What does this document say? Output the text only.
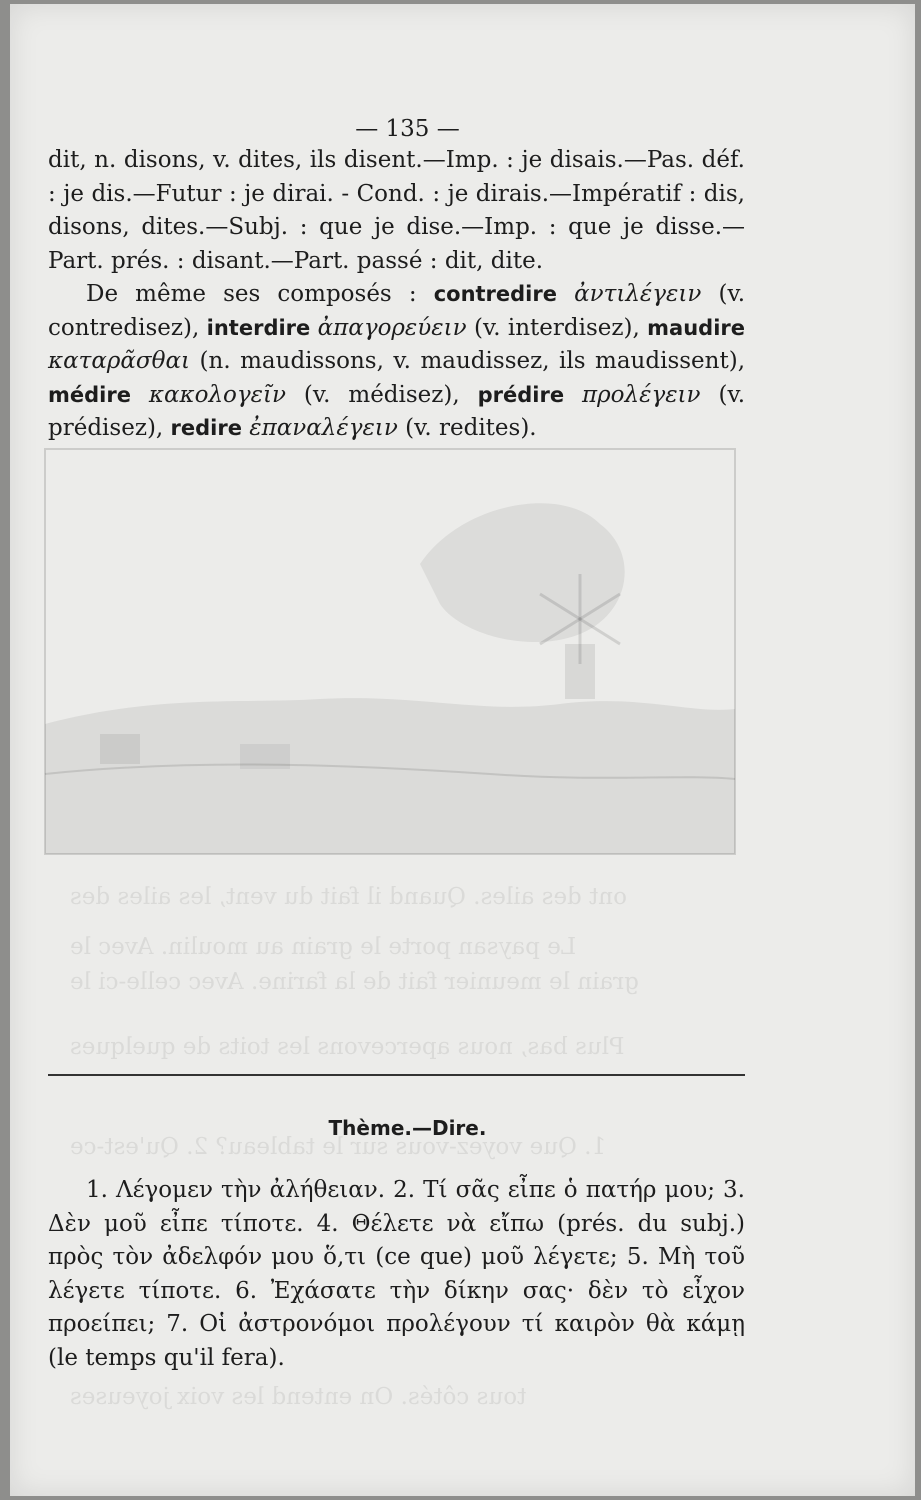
ont des ailes. Quand il fait du vent, les ailes des
Le paysan porte le grain au moulin. Avec le
grain le meunier fait de la farine. Avec celle-ci le
Plus bas, nous apercevons les toits de quelques
1. Que voyez-vous sur le tableau? 2. Qu'est-ce
tous côtés. On entend les voix joyeuses
— 135 —

dit, n. disons, v. dites, ils disent.—Imp. : je disais.—Pas. déf. : je dis.—Futur : je dirai. - Cond. : je dirais.—Impératif : dis, disons, dites.—Subj. : que je dise.—Imp. : que je disse.—Part. prés. : disant.—Part. passé : dit, dite.

De même ses composés : contredire ἀντιλέγειν (v. contredisez), interdire ἀπαγορεύειν (v. interdisez), maudire καταρᾶσθαι (n. maudissons, v. maudissez, ils maudissent), médire κακολογεῖν (v. médisez), prédire προλέγειν (v. prédisez), redire ἐπαναλέγειν (v. redites).

Thème.—Dire.

1. Λέγομεν τὴν ἀλήθειαν. 2. Τί σᾶς εἶπε ὁ πατήρ μου; 3. Δὲν μοῦ εἶπε τίποτε. 4. Θέλετε νὰ εἴπω (prés. du subj.) πρὸς τὸν ἀδελφόν μου ὅ,τι (ce que) μοῦ λέγετε; 5. Μὴ τοῦ λέγετε τίποτε. 6. Ἐχάσατε τὴν δίκην σας· δὲν τὸ εἶχον προείπει; 7. Οἱ ἀστρονόμοι προλέγουν τί καιρὸν θὰ κάμῃ (le temps qu'il fera).
